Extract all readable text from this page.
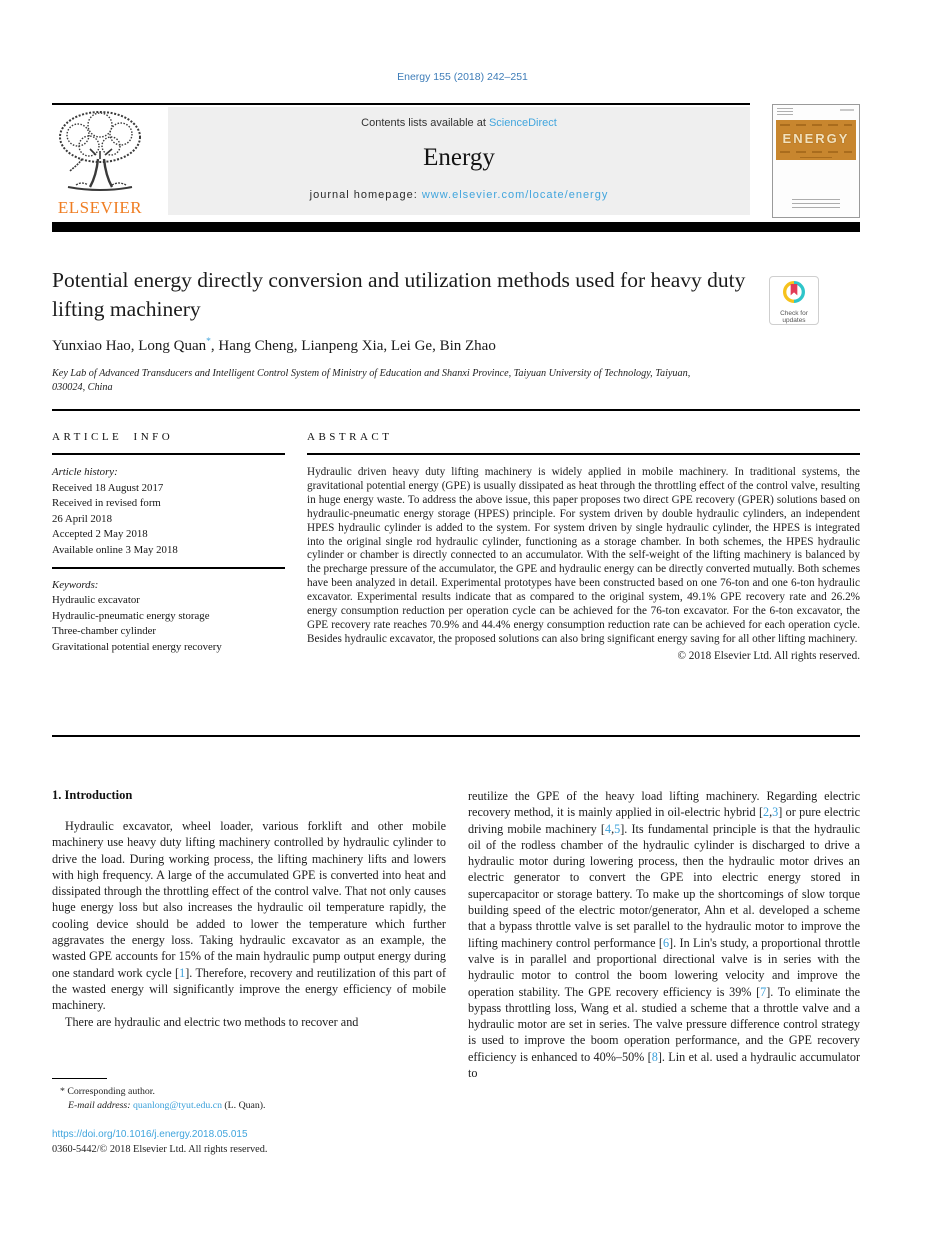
Energy 155 (2018) 242–251
ELSEVIER
Contents lists available at ScienceDirect
Energy
journal homepage: www.elsevier.com/locate/energy
ENERGY
Potential energy directly conversion and utilization methods used for heavy duty lifting machinery	Check for
updates
Yunxiao Hao, Long Quan*, Hang Cheng, Lianpeng Xia, Lei Ge, Bin Zhao
Key Lab of Advanced Transducers and Intelligent Control System of Ministry of Education and Shanxi Province, Taiyuan University of Technology, Taiyuan,
030024, China
ARTICLE INFO
Article history:
Received 18 August 2017
Received in revised form
26 April 2018
Accepted 2 May 2018
Available online 3 May 2018
Keywords:
Hydraulic excavator
Hydraulic-pneumatic energy storage
Three-chamber cylinder
Gravitational potential energy recovery
ABSTRACT
Hydraulic driven heavy duty lifting machinery is widely applied in mobile machinery. In traditional systems, the gravitational potential energy (GPE) is usually dissipated as heat through the throttling effect of the control valve, resulting in huge energy waste. To address the above issue, this paper proposes two direct GPE recovery (GPER) solutions based on hydraulic-pneumatic energy storage (HPES) principle. For system driven by double hydraulic cylinders, an independent HPES hydraulic cylinder is added to the system. For system driven by single hydraulic cylinder, the HPES is integrated into the original single rod hydraulic cylinder, functioning as a storage chamber. In both schemes, the HPES hydraulic cylinder or chamber is directly connected to an accumulator. With the self-weight of the lifting machinery is balanced by the precharge pressure of the accumulator, the GPE and hydraulic energy can be directly converted mutually. Both schemes have been analyzed in detail. Experimental prototypes have been constructed based on one 76-ton and one 6-ton hydraulic excavator. Experimental results indicate that as compared to the original system, 49.1% GPE recovery rate and 26.2% energy consumption reduction per operation cycle can be achieved for the 76-ton excavator. For the 6-ton excavator, the GPE recovery rate reaches 70.9% and 44.4% energy consumption reduction rate can be achieved for each operation cycle. Besides hydraulic excavator, the proposed solutions can also bring significant energy saving for all other lifting machinery.
© 2018 Elsevier Ltd. All rights reserved.
1. Introduction

Hydraulic excavator, wheel loader, various forklift and other mobile machinery use heavy duty lifting machinery controlled by hydraulic cylinder to drive the load. During working process, the lifting machinery lifts and lowers with high frequency. A large of the accumulated GPE is converted into heat and dissipated through the throttling effect of the control valve. That not only causes huge energy loss but also increases the hydraulic oil temperature rapidly, the cooling device should be added to lower the temperature which further aggravates the energy loss. Taking hydraulic excavator as an example, the wasted GPE accounts for 15% of the main hydraulic pump output energy during one standard work cycle [1]. Therefore, recovery and reutilization of this part of the wasted energy will significantly improve the energy efficiency of mobile machinery.

There are hydraulic and electric two methods to recover and

reutilize the GPE of the heavy load lifting machinery. Regarding electric recovery method, it is mainly applied in oil-electric hybrid [2,3] or pure electric driving mobile machinery [4,5]. Its fundamental principle is that the hydraulic oil of the rodless chamber of the hydraulic cylinder is discharged to drive a hydraulic motor during lowering process, then the hydraulic motor drives an electric generator to convert the GPE into electric energy stored in supercapacitor or storage battery. To make up the shortcomings of slow torque building speed of the electric motor/generator, Ahn et al. developed a scheme that a bypass throttle valve is set parallel to the hydraulic motor to improve the lifting machinery control performance [6]. In Lin's study, a proportional throttle valve is in parallel and proportional directional valve is in series with the hydraulic motor to control the boom lowering velocity and improve the operation stability. The GPE recovery efficiency is 39% [7]. To eliminate the bypass throttling loss, Wang et al. studied a scheme that a throttle valve and a hydraulic motor are set in series. The valve pressure difference control strategy is used to improve the boom operation performance, and the GPE recovery efficiency is enhanced to 40%–50% [8]. Lin et al. used a hydraulic accumulator to

* Corresponding author.
E-mail address: quanlong@tyut.edu.cn (L. Quan).
https://doi.org/10.1016/j.energy.2018.05.015
0360-5442/© 2018 Elsevier Ltd. All rights reserved.
